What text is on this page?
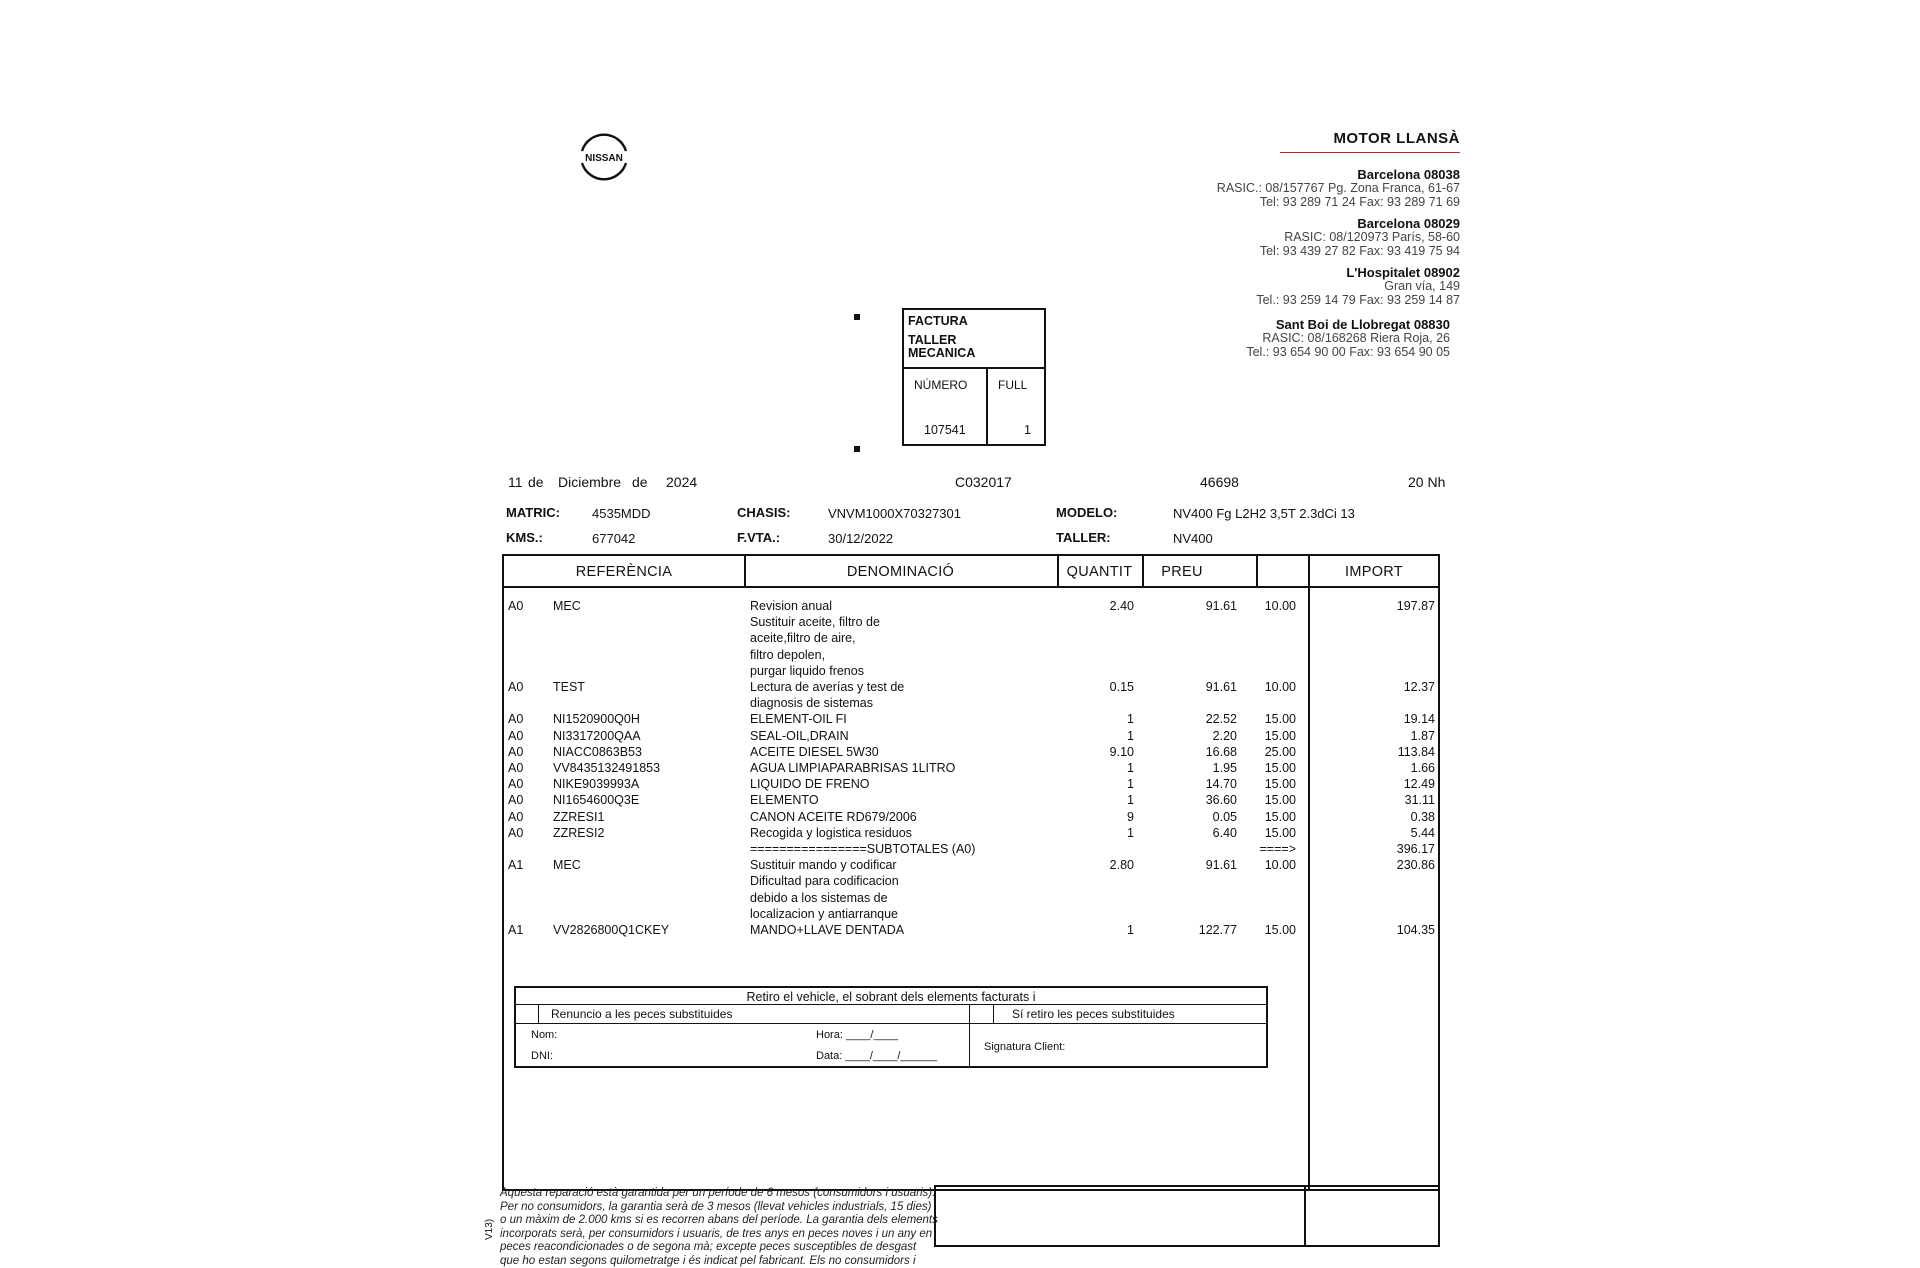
NISSAN
MOTOR LLANSÀ
Barcelona 08038
RASIC.: 08/157767 Pg. Zona Franca, 61-67
Tel: 93 289 71 24 Fax: 93 289 71 69
Barcelona 08029
RASIC: 08/120973 París, 58-60
Tel: 93 439 27 82 Fax: 93 419 75 94
L'Hospitalet 08902
Gran vía, 149
Tel.: 93 259 14 79 Fax: 93 259 14 87
Sant Boi de Llobregat 08830
RASIC: 08/168268 Riera Roja, 26
Tel.: 93 654 90 00 Fax: 93 654 90 05
FACTURA
TALLER MECANICA
NÚMERO	FULL
107541	1
11 de Diciembre de 2024	C032017	46698	20 Nh
MATRIC: 4535MDD	CHASIS:	VNVM1000X70327301	MODELO:	NV400 Fg L2H2 3,5T 2.3dCi 13
KMS.:	677042	F.VTA.:	30/12/2022	TALLER:	NV400
REFERÈNCIA	DENOMINACIÓ	QUANTIT	PREU	IMPORT
A0 MEC	Revision anual	2.40	91.61 10.00	197.87
Sustituir aceite, filtro de
aceite,filtro de aire,
filtro depolen,
purgar liquido frenos
A0 TEST	Lectura de averías y test de	0.15	91.61 10.00	12.37
diagnosis de sistemas
A0 NI1520900Q0H	ELEMENT-OIL FI	1	22.52 15.00	19.14
A0 NI3317200QAA	SEAL-OIL,DRAIN	1	2.20 15.00	1.87
A0 NIACC0863B53	ACEITE DIESEL 5W30	9.10	16.68 25.00	113.84
A0 VV8435132491853	AGUA LIMPIAPARABRISAS 1LITRO	1	1.95 15.00	1.66
A0 NIKE9039993A	LIQUIDO DE FRENO	1	14.70 15.00	12.49
A0 NI1654600Q3E	ELEMENTO	1	36.60 15.00	31.11
A0 ZZRESI1	CANON ACEITE RD679/2006	9	0.05 15.00	0.38
A0 ZZRESI2	Recogida y logistica residuos	1	6.40 15.00	5.44
================SUBTOTALES (A0)	====>	396.17
A1 MEC	Sustituir mando y codificar	2.80	91.61 10.00	230.86
Dificultad para codificacion
debido a los sistemas de
localizacion y antiarranque
A1 VV2826800Q1CKEY	MANDO+LLAVE DENTADA	1	122.77 15.00	104.35
Retiro el vehicle, el sobrant dels elements facturats i
Renuncio a les peces substituides	Sí retiro les peces substituides
Nom:
DNI:
Hora: ____/____
Data: ____/____/______
Signatura Client:
Aquesta reparació està garantida per un període de 6 mesos (consumidors i usuaris).
Per no consumidors, la garantia serà de 3 mesos (llevat vehicles industrials, 15 dies)
o un màxim de 2.000 kms si es recorren abans del període. La garantia dels elements
incorporats serà, per consumidors i usuaris, de tres anys en peces noves i un any en
peces reacondicionades o de segona mà; excepte peces susceptibles de desgast
que ho estan segons quilometratge i és indicat pel fabricant. Els no consumidors i
V13)
